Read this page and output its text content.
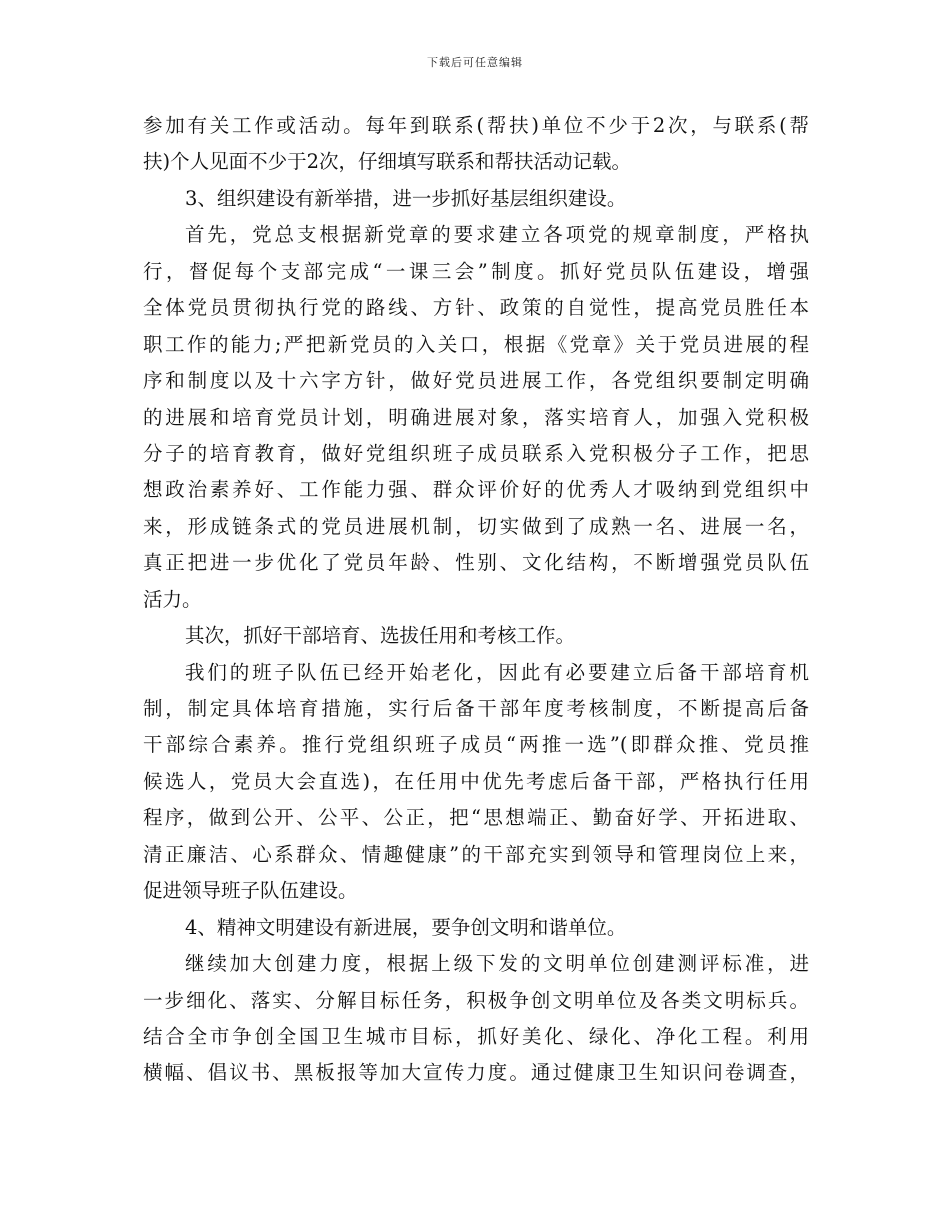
下载后可任意编辑
参加有关工作或活动。每年到联系(帮扶)单位不少于2次，与联系(帮
扶)个人见面不少于2次，仔细填写联系和帮扶活动记载。
3、组织建设有新举措，进一步抓好基层组织建设。
首先，党总支根据新党章的要求建立各项党的规章制度，严格执
行，督促每个支部完成“一课三会”制度。抓好党员队伍建设，增强
全体党员贯彻执行党的路线、方针、政策的自觉性，提高党员胜任本
职工作的能力;严把新党员的入关口，根据《党章》关于党员进展的程
序和制度以及十六字方针，做好党员进展工作，各党组织要制定明确
的进展和培育党员计划，明确进展对象，落实培育人，加强入党积极
分子的培育教育，做好党组织班子成员联系入党积极分子工作，把思
想政治素养好、工作能力强、群众评价好的优秀人才吸纳到党组织中
来，形成链条式的党员进展机制，切实做到了成熟一名、进展一名，
真正把进一步优化了党员年龄、性别、文化结构，不断增强党员队伍
活力。
其次，抓好干部培育、选拔任用和考核工作。
我们的班子队伍已经开始老化，因此有必要建立后备干部培育机
制，制定具体培育措施，实行后备干部年度考核制度，不断提高后备
干部综合素养。推行党组织班子成员“两推一选”(即群众推、党员推
候选人，党员大会直选)，在任用中优先考虑后备干部，严格执行任用
程序，做到公开、公平、公正，把“思想端正、勤奋好学、开拓进取、
清正廉洁、心系群众、情趣健康”的干部充实到领导和管理岗位上来，
促进领导班子队伍建设。
4、精神文明建设有新进展，要争创文明和谐单位。
继续加大创建力度，根据上级下发的文明单位创建测评标准，进
一步细化、落实、分解目标任务，积极争创文明单位及各类文明标兵。
结合全市争创全国卫生城市目标，抓好美化、绿化、净化工程。利用
横幅、倡议书、黑板报等加大宣传力度。通过健康卫生知识问卷调查，
